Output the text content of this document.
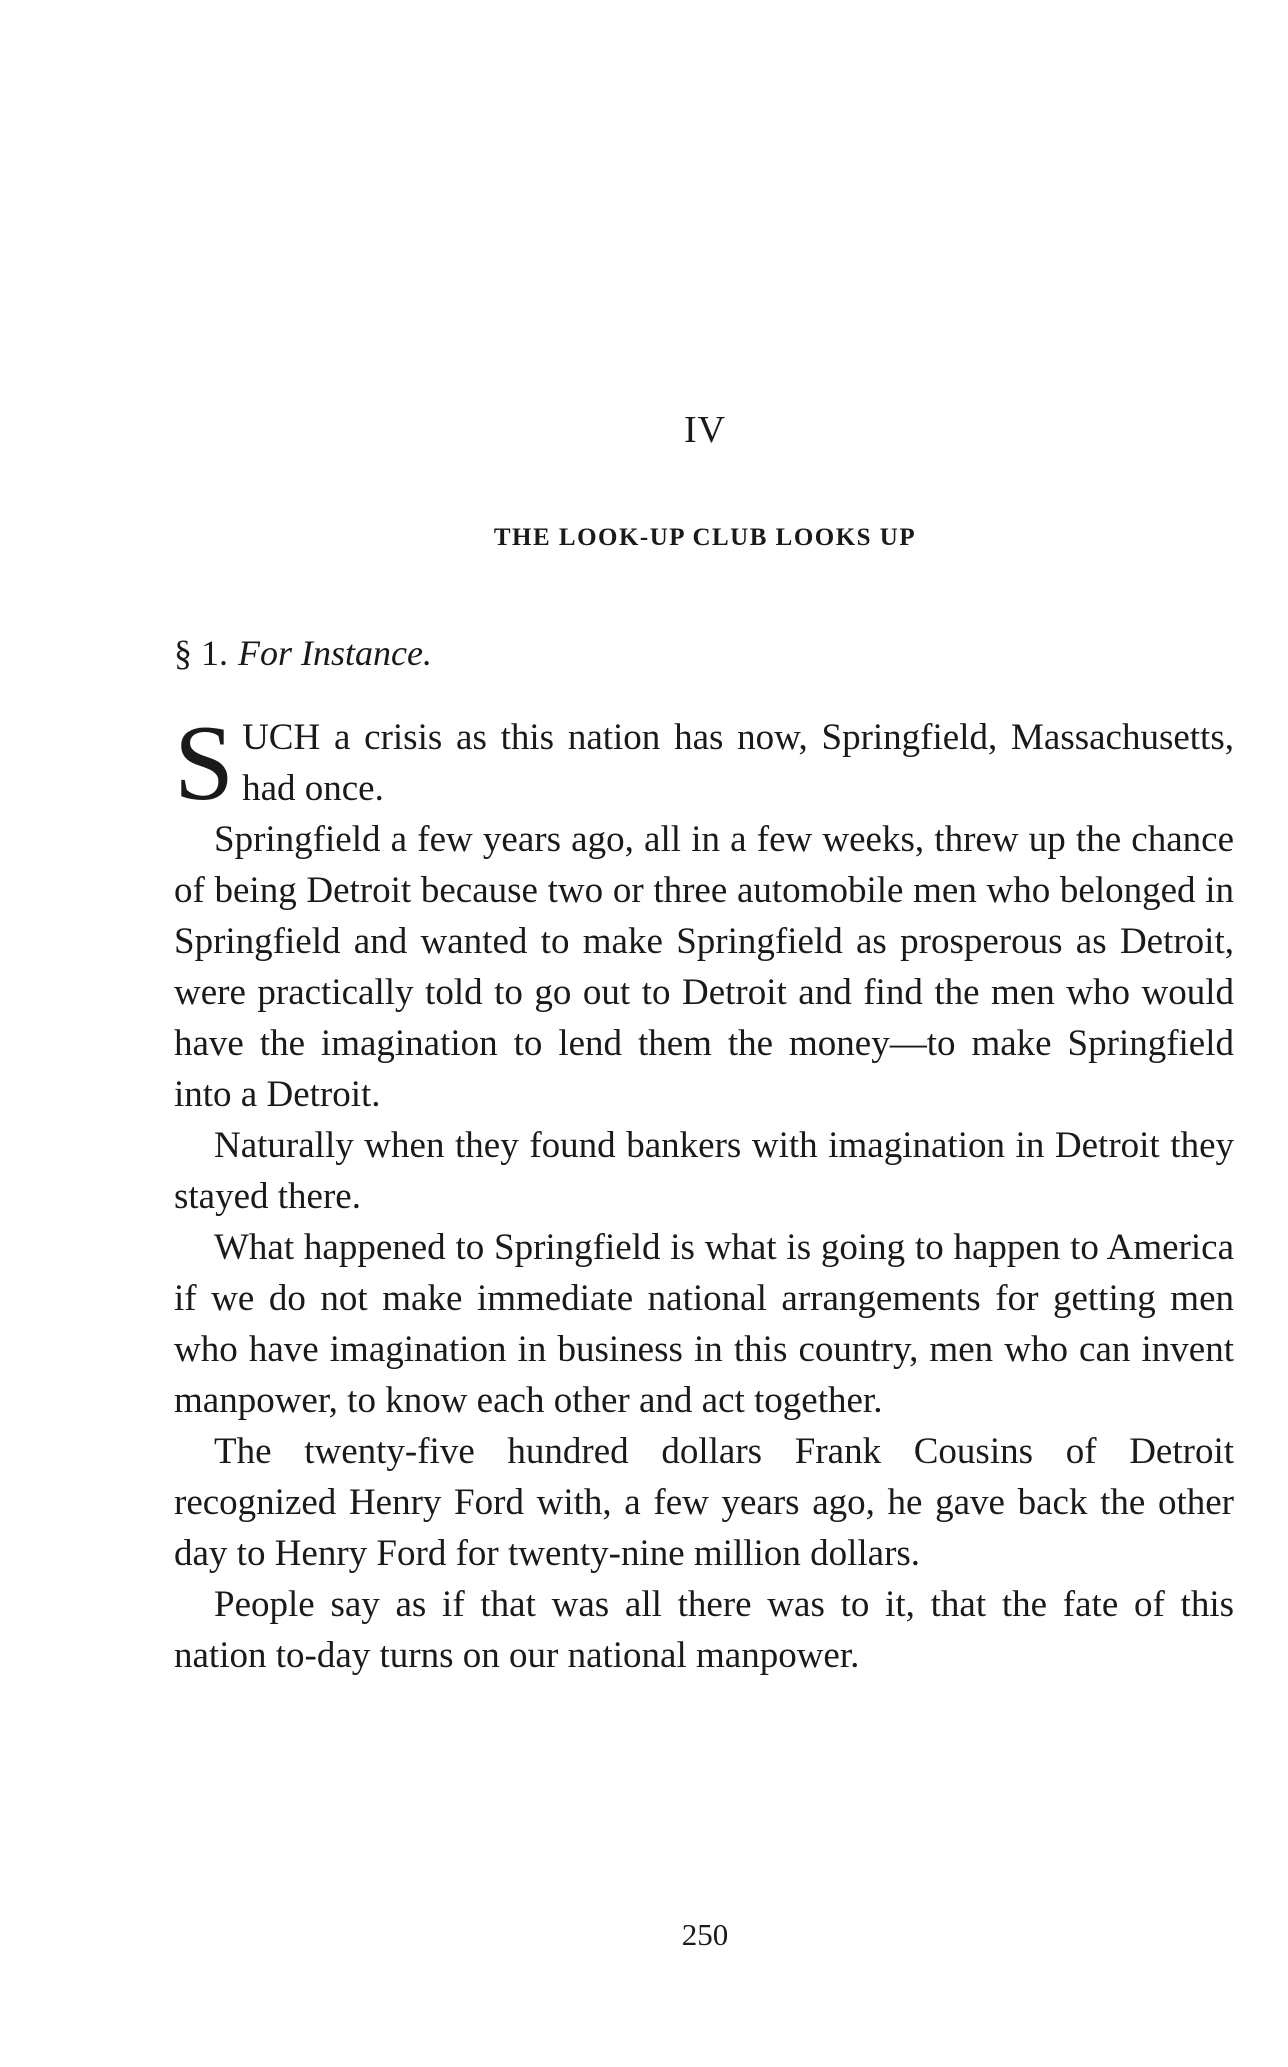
IV
THE LOOK-UP CLUB LOOKS UP
§ 1. For Instance.

SUCH a crisis as this nation has now, Springfield, Massachusetts, had once.

Springfield a few years ago, all in a few weeks, threw up the chance of being Detroit because two or three automobile men who belonged in Springfield and wanted to make Springfield as prosperous as Detroit, were practically told to go out to Detroit and find the men who would have the imagination to lend them the money—to make Springfield into a Detroit.

Naturally when they found bankers with imagination in Detroit they stayed there.

What happened to Springfield is what is going to happen to America if we do not make immediate national arrangements for getting men who have imagination in business in this country, men who can invent manpower, to know each other and act together.

The twenty-five hundred dollars Frank Cousins of Detroit recognized Henry Ford with, a few years ago, he gave back the other day to Henry Ford for twenty-nine million dollars.

People say as if that was all there was to it, that the fate of this nation to-day turns on our national manpower.

250
